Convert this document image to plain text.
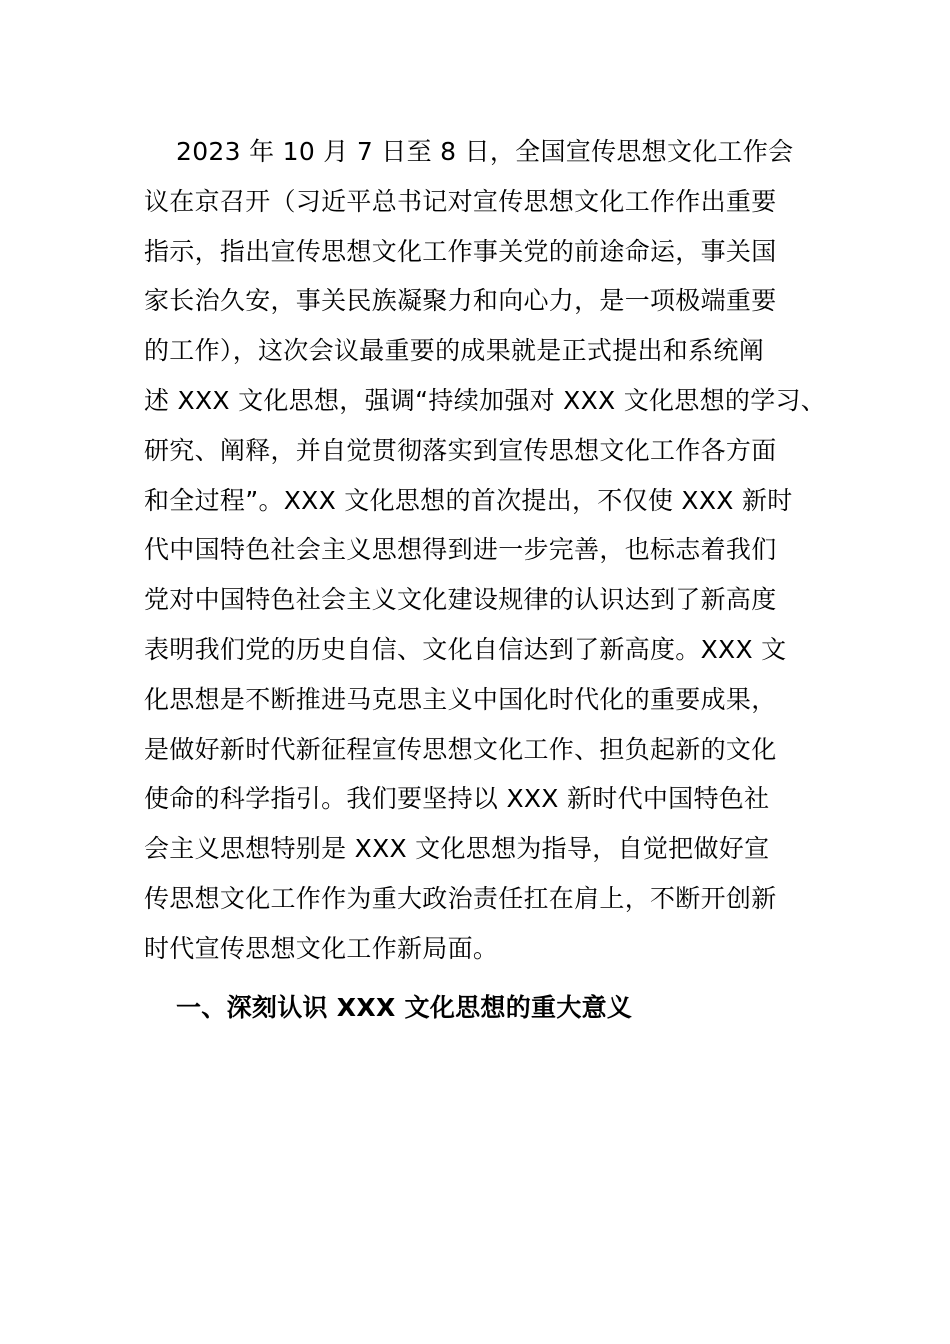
2023 年 10 月 7 日至 8 日，全国宣传思想文化工作会
议在京召开（习近平总书记对宣传思想文化工作作出重要
指示，指出宣传思想文化工作事关党的前途命运，事关国
家长治久安，事关民族凝聚力和向心力，是一项极端重要
的工作），这次会议最重要的成果就是正式提出和系统阐
述 XXX 文化思想，强调“持续加强对 XXX 文化思想的学习、
研究、阐释，并自觉贯彻落实到宣传思想文化工作各方面
和全过程”。XXX 文化思想的首次提出，不仅使 XXX 新时
代中国特色社会主义思想得到进一步完善，也标志着我们
党对中国特色社会主义文化建设规律的认识达到了新高度
表明我们党的历史自信、文化自信达到了新高度。XXX 文
化思想是不断推进马克思主义中国化时代化的重要成果，
是做好新时代新征程宣传思想文化工作、担负起新的文化
使命的科学指引。我们要坚持以 XXX 新时代中国特色社
会主义思想特别是 XXX 文化思想为指导，自觉把做好宣
传思想文化工作作为重大政治责任扛在肩上，不断开创新
时代宣传思想文化工作新局面。
一、深刻认识 XXX 文化思想的重大意义
